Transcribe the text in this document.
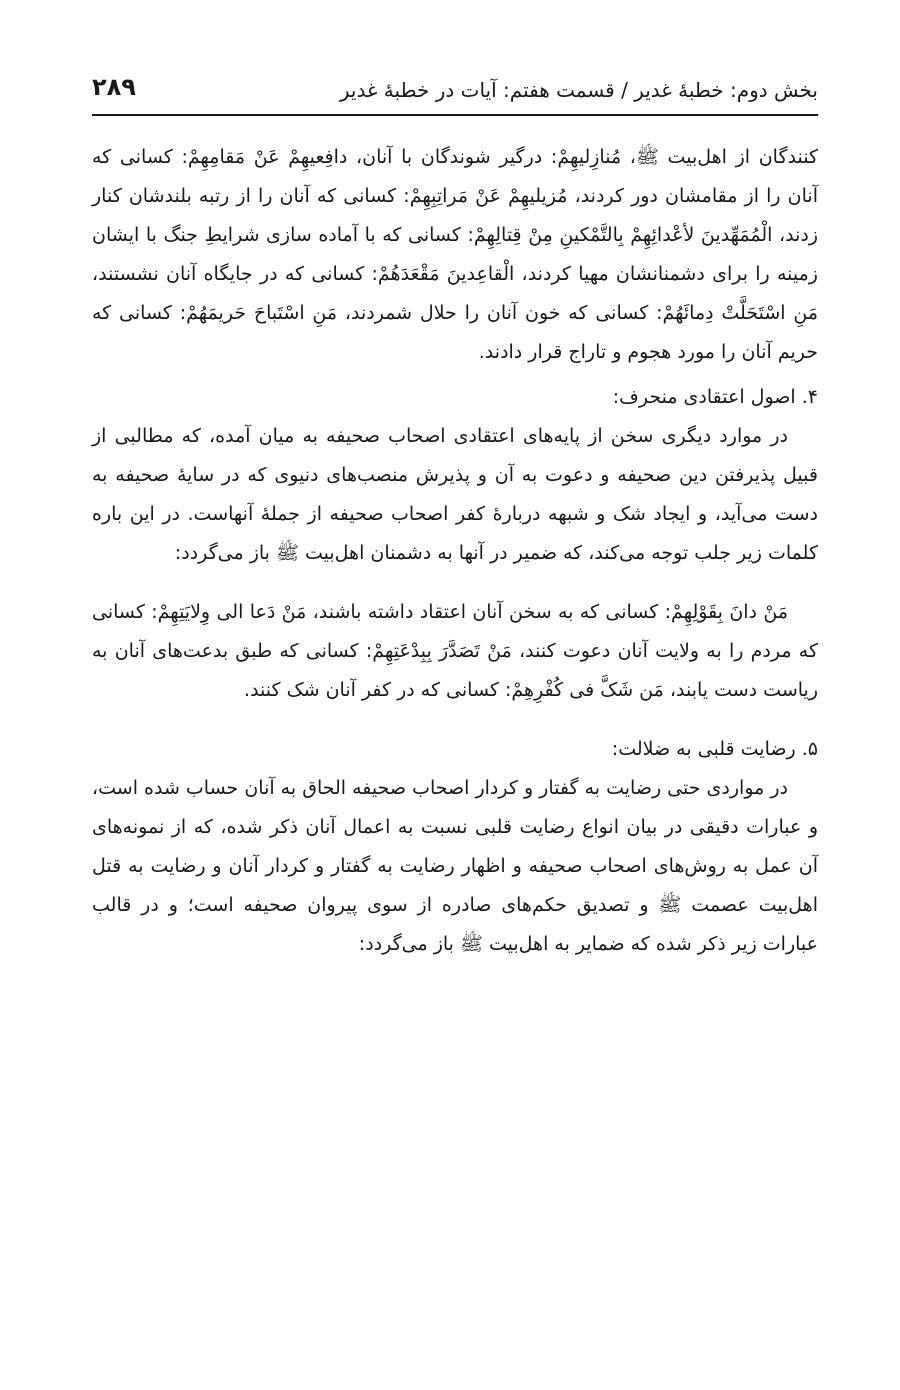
بخش دوم: خطبهٔ غدیر / قسمت هفتم: آیات در خطبهٔ غدیر
۲۸۹

کنندگان از اهل‌بیت ﷺ، مُنازِلیهِمْ: درگیر شوندگان با آنان، دافِعیهِمْ عَنْ مَقامِهِمْ: کسانی که آنان را از مقامشان دور کردند، مُزیلیهِمْ عَنْ مَراتِبِهِمْ: کسانی که آنان را از رتبه بلندشان کنار زدند، الْمُمَهِّدینَ لأعْدائِهِمْ بِالتَّمْکینِ مِنْ قِتالِهِمْ: کسانی که با آماده سازی شرایطِ جنگ با ایشان زمینه را برای دشمنانشان مهیا کردند، الْقاعِدینَ مَقْعَدَهُمْ: کسانی که در جایگاه آنان نشستند، مَنِ اسْتَحَلَّتْ دِمائَهُمْ: کسانی که خون آنان را حلال شمردند، مَنِ اسْتَباحَ حَریمَهُمْ: کسانی که حریم آنان را مورد هجوم و تاراج قرار دادند.

۴. اصول اعتقادی منحرف:

در موارد دیگری سخن از پایه‌های اعتقادی اصحاب صحیفه به میان آمده، که مطالبی از قبیل پذیرفتن دین صحیفه و دعوت به آن و پذیرش منصب‌های دنیوی که در سایهٔ صحیفه به دست می‌آید، و ایجاد شک و شبهه دربارهٔ کفر اصحاب صحیفه از جملهٔ آنهاست. در این باره کلمات زیر جلب توجه می‌کند، که ضمیر در آنها به دشمنان اهل‌بیت ﷺ باز می‌گردد:

مَنْ دانَ بِقَوْلِهِمْ: کسانی که به سخن آنان اعتقاد داشته باشند، مَنْ دَعا الی وِلایَتِهِمْ: کسانی که مردم را به ولایت آنان دعوت کنند، مَنْ تَصَدَّرَ بِبِدْعَتِهِمْ: کسانی که طبق بدعت‌های آنان به ریاست دست یابند، مَن شَکَّ فی کُفْرِهِمْ: کسانی که در کفر آنان شک کنند.

۵. رضایت قلبی به ضلالت:

در مواردی حتی رضایت به گفتار و کردار اصحاب صحیفه الحاق به آنان حساب شده است، و عبارات دقیقی در بیان انواع رضایت قلبی نسبت به اعمال آنان ذکر شده، که از نمونه‌های آن عمل به روش‌های اصحاب صحیفه و اظهار رضایت به گفتار و کردار آنان و رضایت به قتل اهل‌بیت عصمت ﷺ و تصدیق حکم‌های صادره از سوی پیروان صحیفه است؛ و در قالب عبارات زیر ذکر شده که ضمایر به اهل‌بیت ﷺ باز می‌گردد:
